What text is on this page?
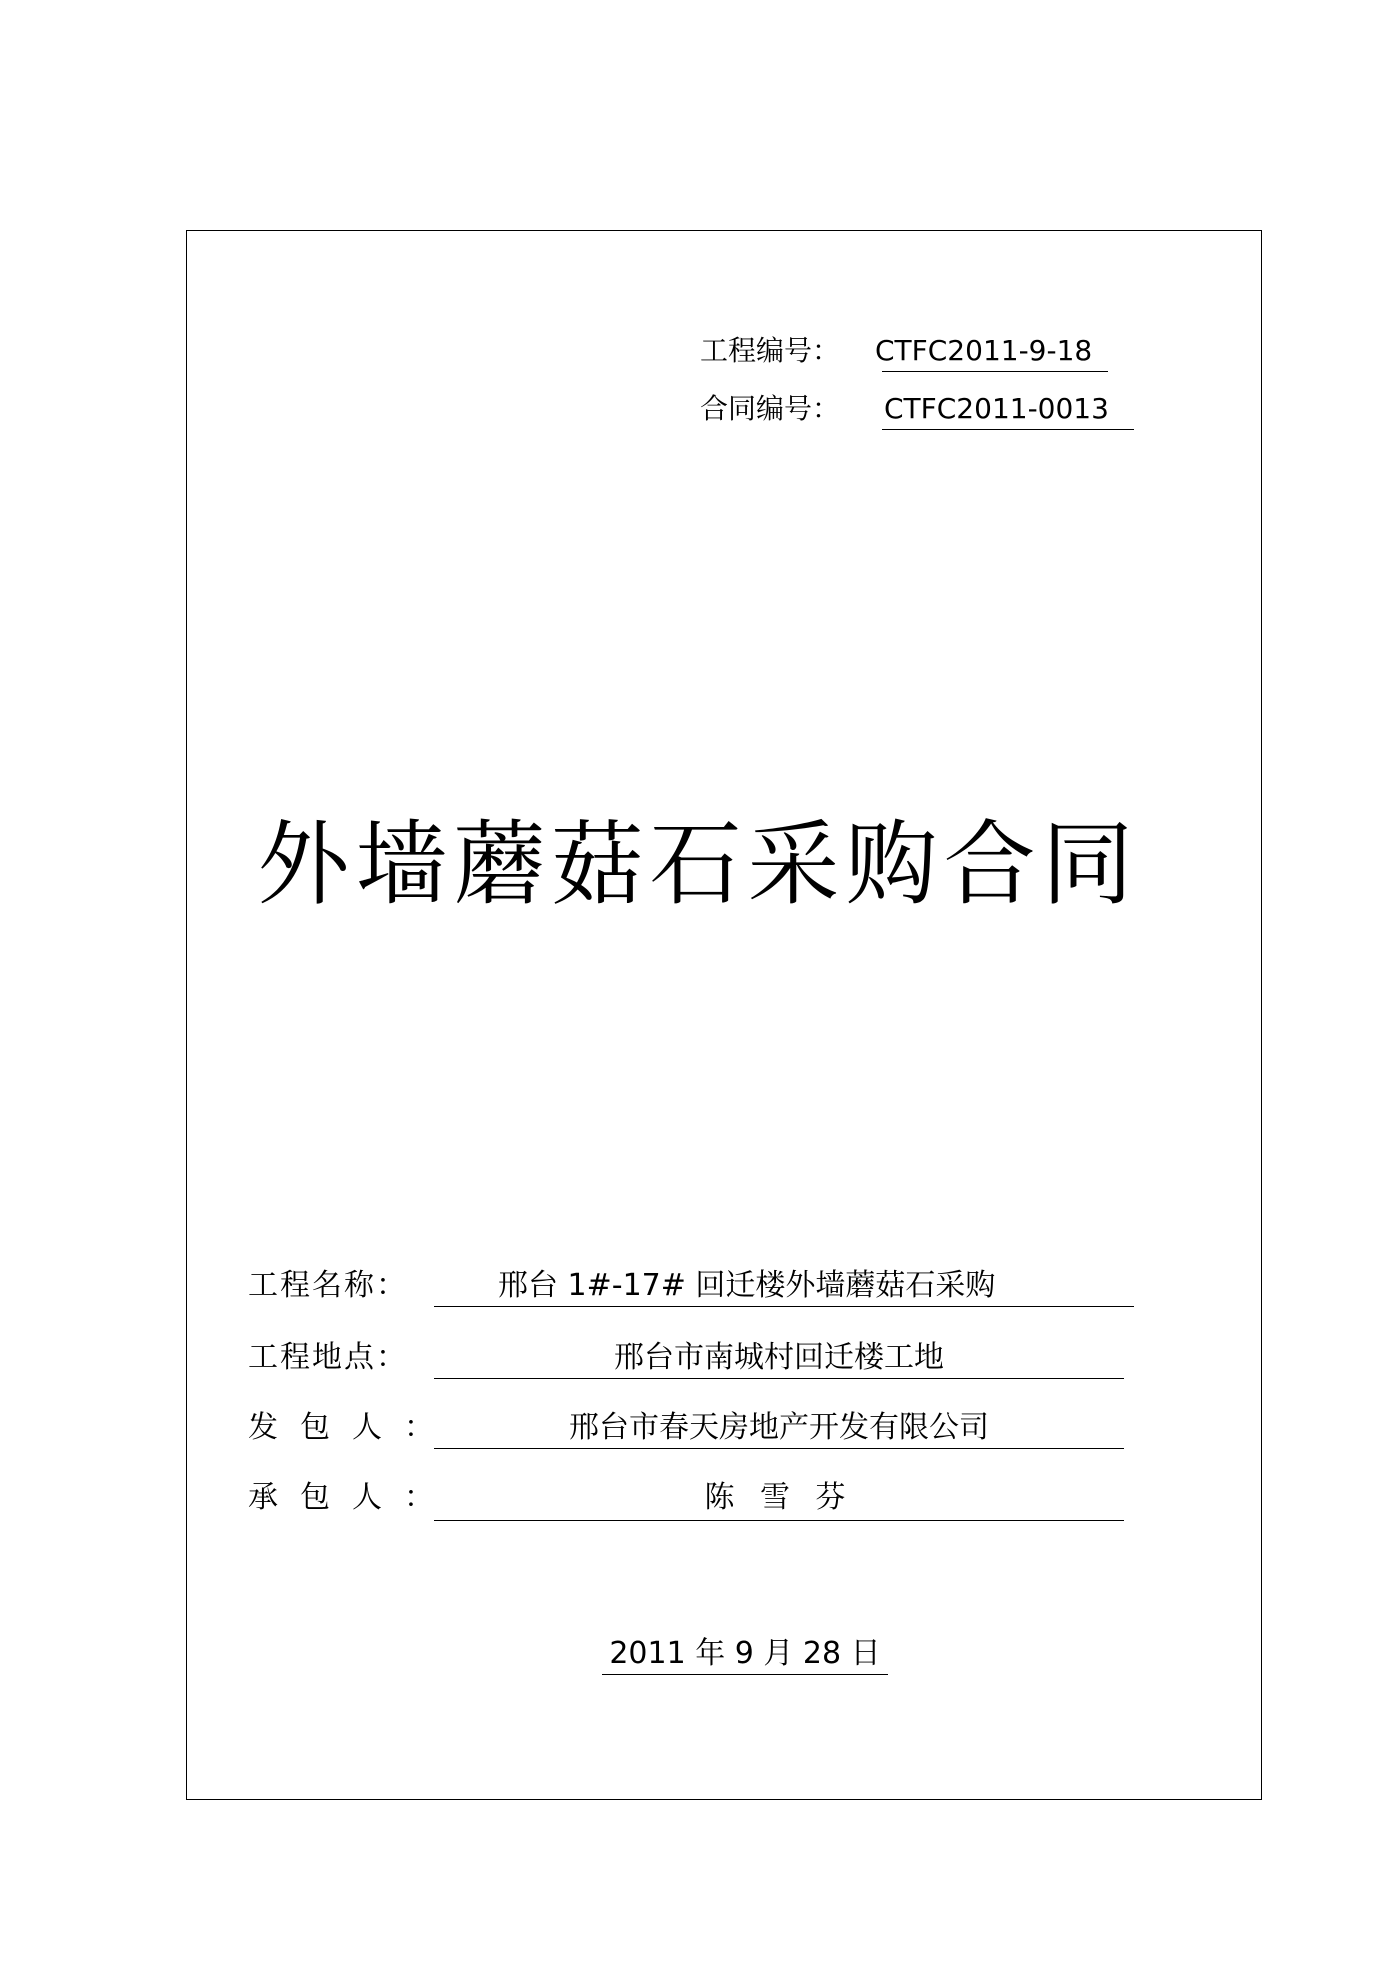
工程编号： CTFC2011-9-18
合同编号： CTFC2011-0013
外墙蘑菇石采购合同
工程名称：	邢台 1#-17# 回迁楼外墙蘑菇石采购
工程地点：	邢台市南城村回迁楼工地
发包人：	邢台市春天房地产开发有限公司
承包人：	陈 雪 芬
2011 年 9 月 28 日
